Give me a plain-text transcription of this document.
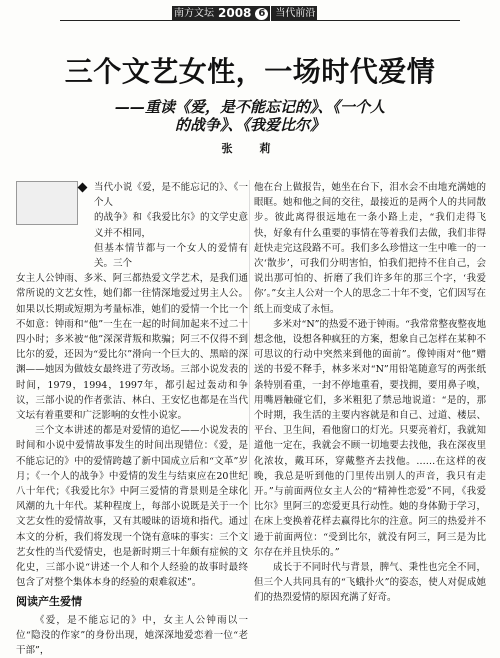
南方文坛 2008 6	当代前沿
三个文艺女性，一场时代爱情
——重读《爱，是不能忘记的》、《一个人
的战争》、《我爱比尔》
张　莉

当代小说《爱，是不能忘记的》、《一个人

的战争》和《我爱比尔》的文学史意义并不相同，

但基本情节都与一个女人的爱情有关。三个

女主人公钟雨、多米、阿三都热爱文学艺术，是我们通常所说的文艺女性，她们都一往情深地爱过男主人公。如果以长期或短期为考量标准，她们的爱情一个比一个不如意：钟雨和“他”一生在一起的时间加起来不过二十四小时；多米被“他”深深背叛和欺骗；阿三不仅得不到比尔的爱，还因为“爱比尔”滑向一个巨大的、黑暗的深渊——她因为做妓女最终进了劳改场。三部小说发表的时间，1979，1994，1997年，都引起过轰动和争议，三部小说的作者张洁、林白、王安忆也都是在当代文坛有着重要和广泛影响的女性小说家。

三个文本讲述的都是对爱情的追忆——小说发表的时间和小说中爱情故事发生的时间出现错位：《爱，是不能忘记的》中的爱情跨越了新中国成立后和“文革”岁月；《一个人的战争》中爱情的发生与结束应在20世纪八十年代；《我爱比尔》中阿三爱情的背景则是全球化风潮的九十年代。某种程度上，每部小说既是关于一个文艺女性的爱情故事，又有其暧昧的语境和指代。通过本文的分析，我们将发现一个饶有意味的事实：三个文艺女性的当代爱情史，也是新时期三十年颇有症候的文化史，三部小说“讲述一个人和个人经验的故事时最终包含了对整个集体本身的经验的艰难叙述”。

阅读产生爱情

《爱，是不能忘记的》中，女主人公钟雨以一位“隐没的作家”的身份出现，她深深地爱恋着一位“老干部”，

他在台上做报告，她坐在台下，泪水会不由地充满她的眼眶。她和他之间的交往，最接近的是两个人的共同散步。彼此离得很远地在一条小路上走，“我们走得飞快，好象有什么重要的事情在等着我们去做，我们非得赶快走完这段路不可。我们多么珍惜这一生中唯一的一次‘散步’，可我们分明害怕，怕我们把持不住自己，会说出那可怕的、折磨了我们许多年的那三个字，‘我爱你’。”女主人公对一个人的思念二十年不变，它们因写在纸上而变成了永恒。

多米对“N”的热爱不逊于钟雨。“我常常整夜整夜地想念他，设想各种疯狂的方案，想象自己怎样在某种不可思议的行动中突然来到他的面前”。像钟雨对“他”赠送的书爱不释手，林多米对“N”用铅笔随意写的两张纸条特别看重，一封不停地重看，要找拥，要用鼻子嗅，用嘴唇触碰它们，多米粗犯了禁忌地说道：“是的，那个时期，我生活的主要内容就是和自己、过道、楼层、平台、卫生间，看他窗口的灯光。只要亮着灯，我就知道他一定在，我就会不顾一切地要去找他，我在深夜里化浓妆，戴耳环，穿戴整齐去找他。……在这样的夜晚，我总是听到他的门里传出别人的声音，我只有走开。”与前面两位女主人公的“精神性恋爱”不同，《我爱比尔》里阿三的恋爱更具行动性。她的身体勤于学习，在床上变换着花样去赢得比尔的注意。阿三的热爱并不逊于前面两位：“受到比尔，就没有阿三，阿三是为比尔存在并且快乐的。”

成长于不同时代与背景，脾气、秉性也完全不同，但三个人共同具有的“飞蛾扑火”的姿态，使人对促成她们的热烈爱情的原因充满了好奇。
